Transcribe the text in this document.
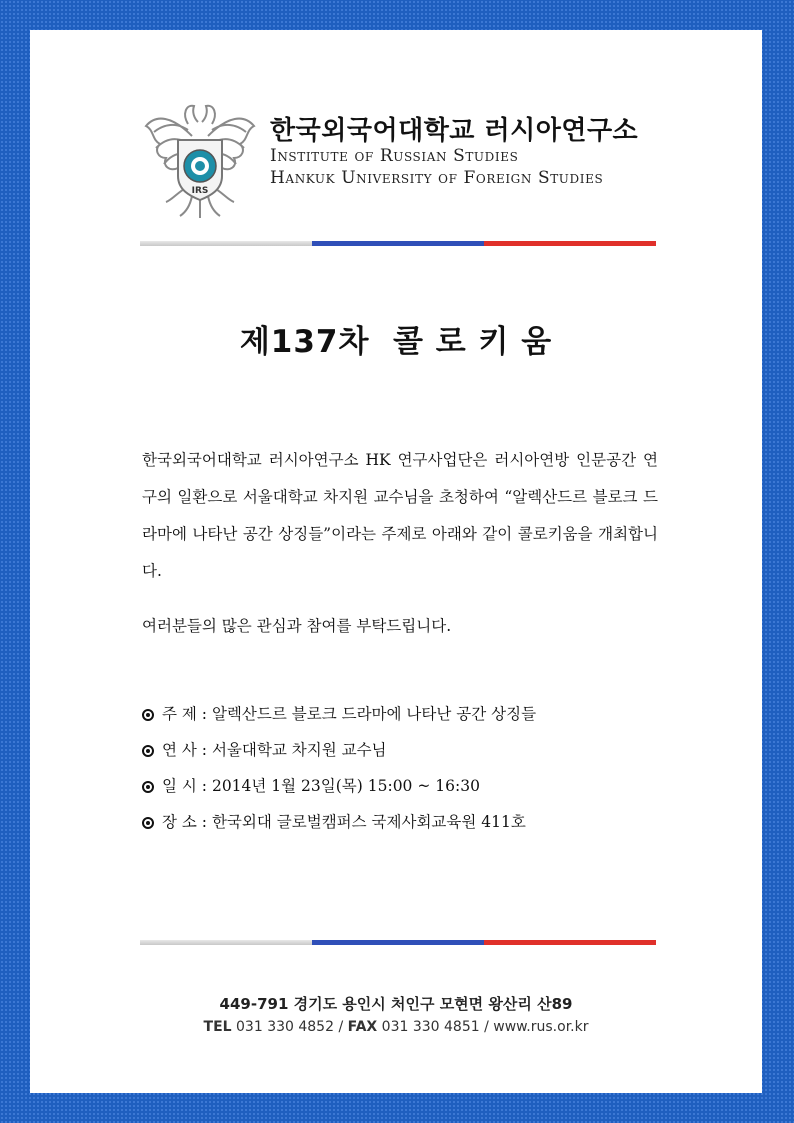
IRS
한국외국어대학교 러시아연구소
Institute of Russian Studies
Hankuk University of Foreign Studies
제137차  콜 로 키 움

한국외국어대학교 러시아연구소 HK 연구사업단은 러시아연방 인문공간 연구의 일환으로 서울대학교 차지원 교수님을 초청하여 “알렉산드르 블로크 드라마에 나타난 공간 상징들”이라는 주제로 아래와 같이 콜로키움을 개최합니다.

여러분들의 많은 관심과 참여를 부탁드립니다.
주 제 : 알렉산드르 블로크 드라마에 나타난 공간 상징들
연 사 : 서울대학교 차지원 교수님
일 시 : 2014년 1월 23일(목) 15:00 ~ 16:30
장 소 : 한국외대 글로벌캠퍼스 국제사회교육원 411호
449-791 경기도 용인시 처인구 모현면 왕산리 산89
TEL 031 330 4852 / FAX 031 330 4851 / www.rus.or.kr
